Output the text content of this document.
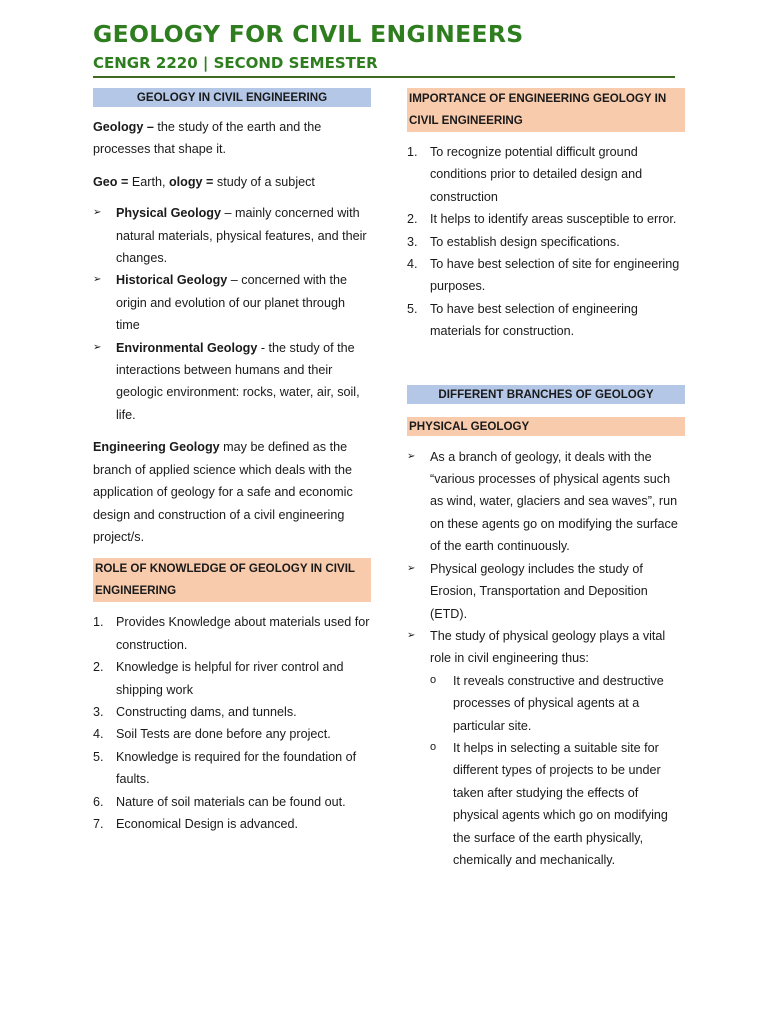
GEOLOGY FOR CIVIL ENGINEERS
CENGR 2220 | SECOND SEMESTER
GEOLOGY IN CIVIL ENGINEERING

Geology – the study of the earth and the processes that shape it.

Geo = Earth, ology = study of a subject

➢ Physical Geology – mainly concerned with natural materials, physical features, and their changes.
➢ Historical Geology – concerned with the origin and evolution of our planet through time
➢ Environmental Geology - the study of the interactions between humans and their geologic environment: rocks, water, air, soil, life.

Engineering Geology may be defined as the branch of applied science which deals with the application of geology for a safe and economic design and construction of a civil engineering project/s.

ROLE OF KNOWLEDGE OF GEOLOGY IN CIVIL ENGINEERING
1. Provides Knowledge about materials used for construction.
2. Knowledge is helpful for river control and shipping work
3. Constructing dams, and tunnels.
4. Soil Tests are done before any project.
5. Knowledge is required for the foundation of faults.
6. Nature of soil materials can be found out.
7. Economical Design is advanced.
IMPORTANCE OF ENGINEERING GEOLOGY IN CIVIL ENGINEERING
1. To recognize potential difficult ground conditions prior to detailed design and construction
2. It helps to identify areas susceptible to error.
3. To establish design specifications.
4. To have best selection of site for engineering purposes.
5. To have best selection of engineering materials for construction.
DIFFERENT BRANCHES OF GEOLOGY
PHYSICAL GEOLOGY
➢ As a branch of geology, it deals with the “various processes of physical agents such as wind, water, glaciers and sea waves”, run on these agents go on modifying the surface of the earth continuously.
➢ Physical geology includes the study of Erosion, Transportation and Deposition (ETD).
➢ The study of physical geology plays a vital role in civil engineering thus:
o It reveals constructive and destructive processes of physical agents at a particular site.
o It helps in selecting a suitable site for different types of projects to be under taken after studying the effects of physical agents which go on modifying the surface of the earth physically, chemically and mechanically.
